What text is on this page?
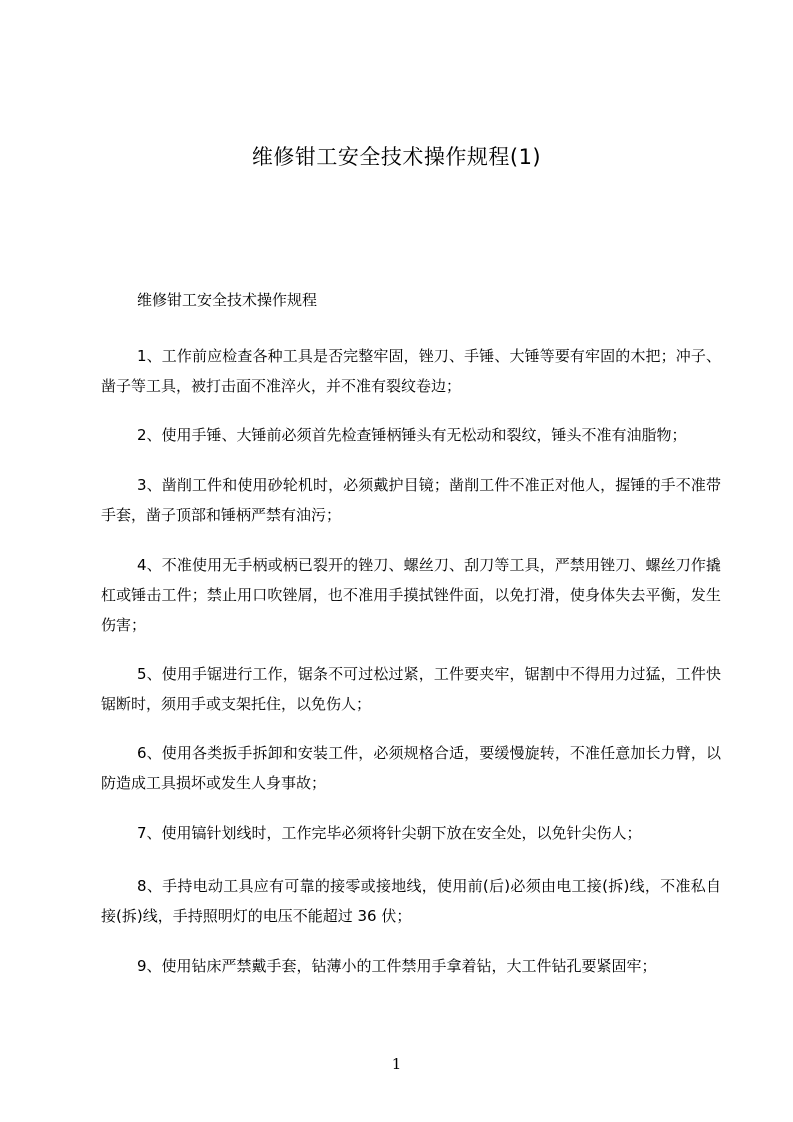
维修钳工安全技术操作规程(1)

维修钳工安全技术操作规程

1、工作前应检查各种工具是否完整牢固，锉刀、手锤、大锤等要有牢固的木把；冲子、凿子等工具，被打击面不准淬火，并不准有裂纹卷边；

2、使用手锤、大锤前必须首先检查锤柄锤头有无松动和裂纹，锤头不准有油脂物；

3、凿削工件和使用砂轮机时，必须戴护目镜；凿削工件不准正对他人，握锤的手不准带手套，凿子顶部和锤柄严禁有油污；

4、不准使用无手柄或柄已裂开的锉刀、螺丝刀、刮刀等工具，严禁用锉刀、螺丝刀作撬杠或锤击工件；禁止用口吹锉屑，也不准用手摸拭锉件面，以免打滑，使身体失去平衡，发生伤害；

5、使用手锯进行工作，锯条不可过松过紧，工件要夹牢，锯割中不得用力过猛，工件快锯断时，须用手或支架托住，以免伤人；

6、使用各类扳手拆卸和安装工件，必须规格合适，要缓慢旋转，不准任意加长力臂，以防造成工具损坏或发生人身事故；

7、使用镐针划线时，工作完毕必须将针尖朝下放在安全处，以免针尖伤人；

8、手持电动工具应有可靠的接零或接地线，使用前(后)必须由电工接(拆)线，不准私自接(拆)线，手持照明灯的电压不能超过 36 伏；

9、使用钻床严禁戴手套，钻薄小的工件禁用手拿着钻，大工件钻孔要紧固牢；

1
